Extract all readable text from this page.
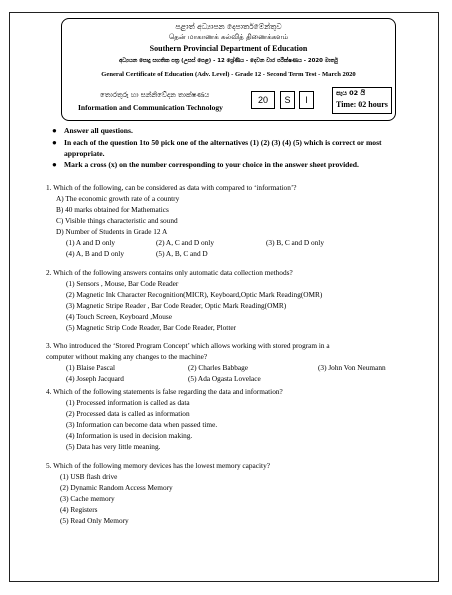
පළාත් අධ්‍යාපන දෙපාර්තමේන්තුව
தென் மாகாணக் கல்வித் திணைக்களம்
Southern Provincial Department of Education
අධ්‍යයන පොදු සහතික පත්‍ර (උසස් පෙළ) - 12 ශ්‍රේණිය - දෙවන වාර පරීක්ෂණය - 2020 මාර්තු
General Certificate of Education (Adv. Level) - Grade 12 - Second Term Test - March 2020
තොරතුරු හා සන්නිවේදන තාක්ෂණය
Information and Communication Technology
20	S	I
පැය 02 යි
Time: 02 hours
● Answer all questions.
● In each of the question 1to 50 pick one of the alternatives (1) (2) (3) (4) (5) which is correct or most appropriate.
● Mark a cross (x) on the number corresponding to your choice in the answer sheet provided.
1. Which of the following, can be considered as data with compared to ‘information’?
A) The economic growth rate of a country
B) 40 marks obtained for Mathematics
C) Visible things characteristic and sound
D) Number of Students in Grade 12 A
(1) A and D only	(2) A, C and D only	(3) B, C and D only
(4) A, B and D only	(5) A, B, C and D
2. Which of the following answers contains only automatic data collection methods?
(1) Sensors , Mouse, Bar Code Reader
(2) Magnetic Ink Character Recognition(MICR), Keyboard,Optic Mark Reading(OMR)
(3) Magnetic Stripe Reader , Bar Code Reader, Optic Mark Reading(OMR)
(4) Touch Screen, Keyboard ,Mouse
(5) Magnetic Strip Code Reader, Bar Code Reader, Plotter
3. Who introduced the ‘Stored Program Concept’ which allows working with stored program in a
computer without making any changes to the machine?
(1) Blaise Pascal	(2) Charles Babbage	(3) John Von Neumann
(4) Joseph Jacquard	(5) Ada Ogasta Lovelace
4. Which of the following statements is false regarding the data and information?
(1) Processed information is called as data
(2) Processed data is called as information
(3) Information can become data when passed time.
(4) Information is used in decision making.
(5) Data has very little meaning.
5. Which of the following memory devices has the lowest memory capacity?
(1) USB flash drive
(2) Dynamic Random Access Memory
(3) Cache memory
(4) Registers
(5) Read Only Memory
